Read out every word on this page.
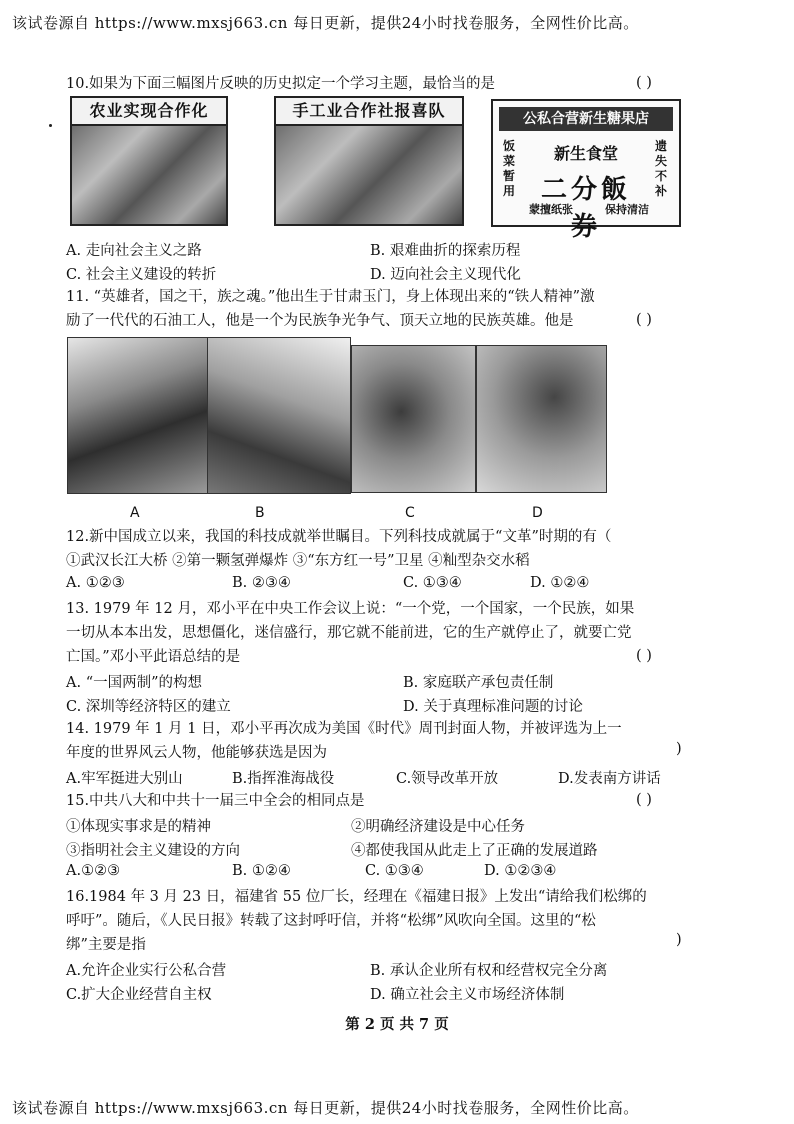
该试卷源自 https://www.mxsj663.cn 每日更新，提供24小时找卷服务，全网性价比高。
10.如果为下面三幅图片反映的历史拟定一个学习主题，最恰当的是	( )
农业实现合作化	手工业合作社报喜队	公私合营新生糖果店
饭菜暂用
遗失不补
新生食堂
二分飯券
蒙擅纸张	保持清洁
A. 走向社会主义之路	B. 艰难曲折的探索历程
C. 社会主义建设的转折	D. 迈向社会主义现代化
11. “英雄者，国之干，族之魂。”他出生于甘肃玉门，身上体现出来的“铁人精神”激
励了一代代的石油工人，他是一个为民族争光争气、顶天立地的民族英雄。他是	( )
A	B	C	D
12.新中国成立以来，我国的科技成就举世瞩目。下列科技成就属于“文革”时期的有（
①武汉长江大桥 ②第一颗氢弹爆炸 ③“东方红一号”卫星 ④籼型杂交水稻
A. ①②③	B. ②③④	C. ①③④	D. ①②④
13. 1979 年 12 月，邓小平在中央工作会议上说：“一个党，一个国家，一个民族，如果
一切从本本出发，思想僵化，迷信盛行，那它就不能前进，它的生产就停止了，就要亡党
亡国。”邓小平此语总结的是	( )
A. “一国两制”的构想	B. 家庭联产承包责任制
C. 深圳等经济特区的建立	D. 关于真理标准问题的讨论
14. 1979 年 1 月 1 日，邓小平再次成为美国《时代》周刊封面人物，并被评选为上一
年度的世界风云人物，他能够获选是因为	)
A.牢军挺进大别山	B.指挥淮海战役	C.领导改革开放	D.发表南方讲话
15.中共八大和中共十一届三中全会的相同点是	( )
①体现实事求是的精神	②明确经济建设是中心任务
③指明社会主义建设的方向	④都使我国从此走上了正确的发展道路
A.①②③	B. ①②④	C. ①③④	D. ①②③④
16.1984 年 3 月 23 日，福建省 55 位厂长，经理在《福建日报》上发出“请给我们松绑的
呼吁”。随后，《人民日报》转载了这封呼吁信，并将“松绑”风吹向全国。这里的“松
绑”主要是指	)
A.允许企业实行公私合营	B. 承认企业所有权和经营权完全分离
C.扩大企业经营自主权	D. 确立社会主义市场经济体制
第 2 页 共 7 页
该试卷源自 https://www.mxsj663.cn 每日更新，提供24小时找卷服务，全网性价比高。
